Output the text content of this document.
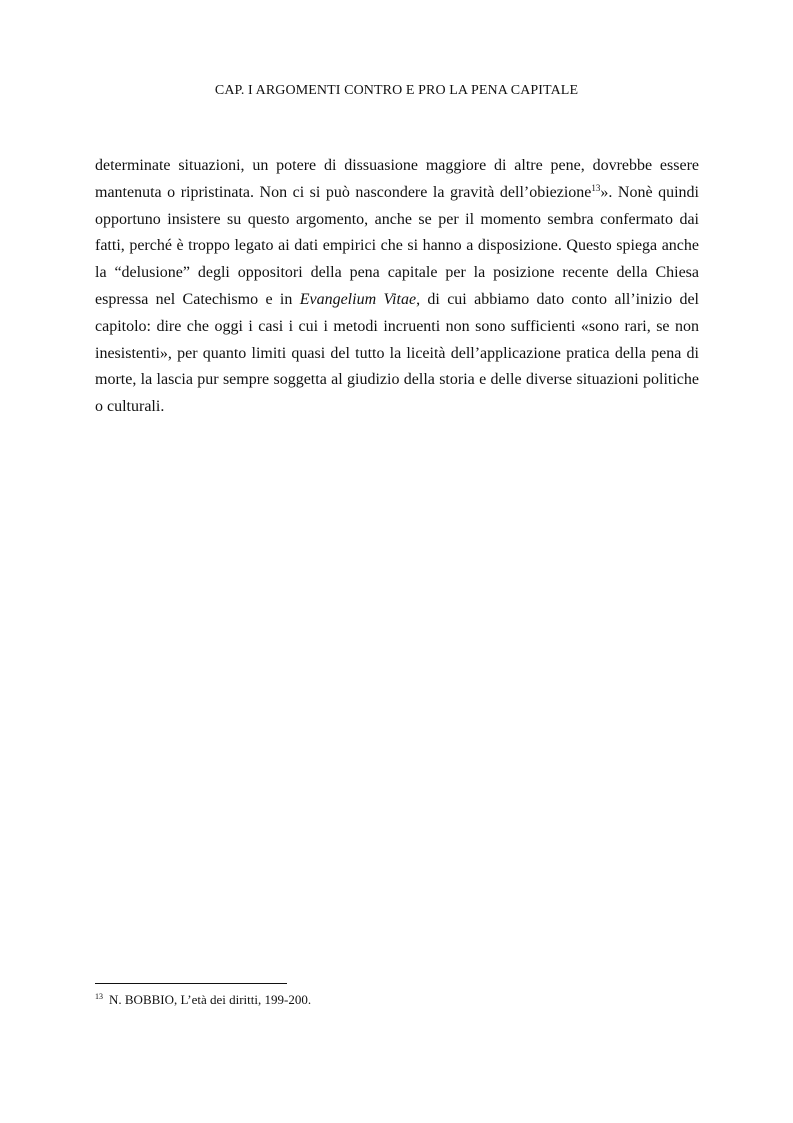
CAP. I ARGOMENTI CONTRO E PRO LA PENA CAPITALE

determinate situazioni, un potere di dissuasione maggiore di altre pene, dovrebbe essere mantenuta o ripristinata. Non ci si può nascondere la gravità dell’obiezione$^{13}$». Nonè quindi opportuno insistere su questo argomento, anche se per il momento sembra confermato dai fatti, perché è troppo legato ai dati empirici che si hanno a disposizione. Questo spiega anche la “delusione” degli oppositori della pena capitale per la posizione recente della Chiesa espressa nel Catechismo e in Evangelium Vitae, di cui abbiamo dato conto all’inizio del capitolo: dire che oggi i casi i cui i metodi incruenti non sono sufficienti «sono rari, se non inesistenti», per quanto limiti quasi del tutto la liceità dell’applicazione pratica della pena di morte, la lascia pur sempre soggetta al giudizio della storia e delle diverse situazioni politiche o culturali.

$^{13}$ N. BOBBIO, L’età dei diritti, 199-200.
